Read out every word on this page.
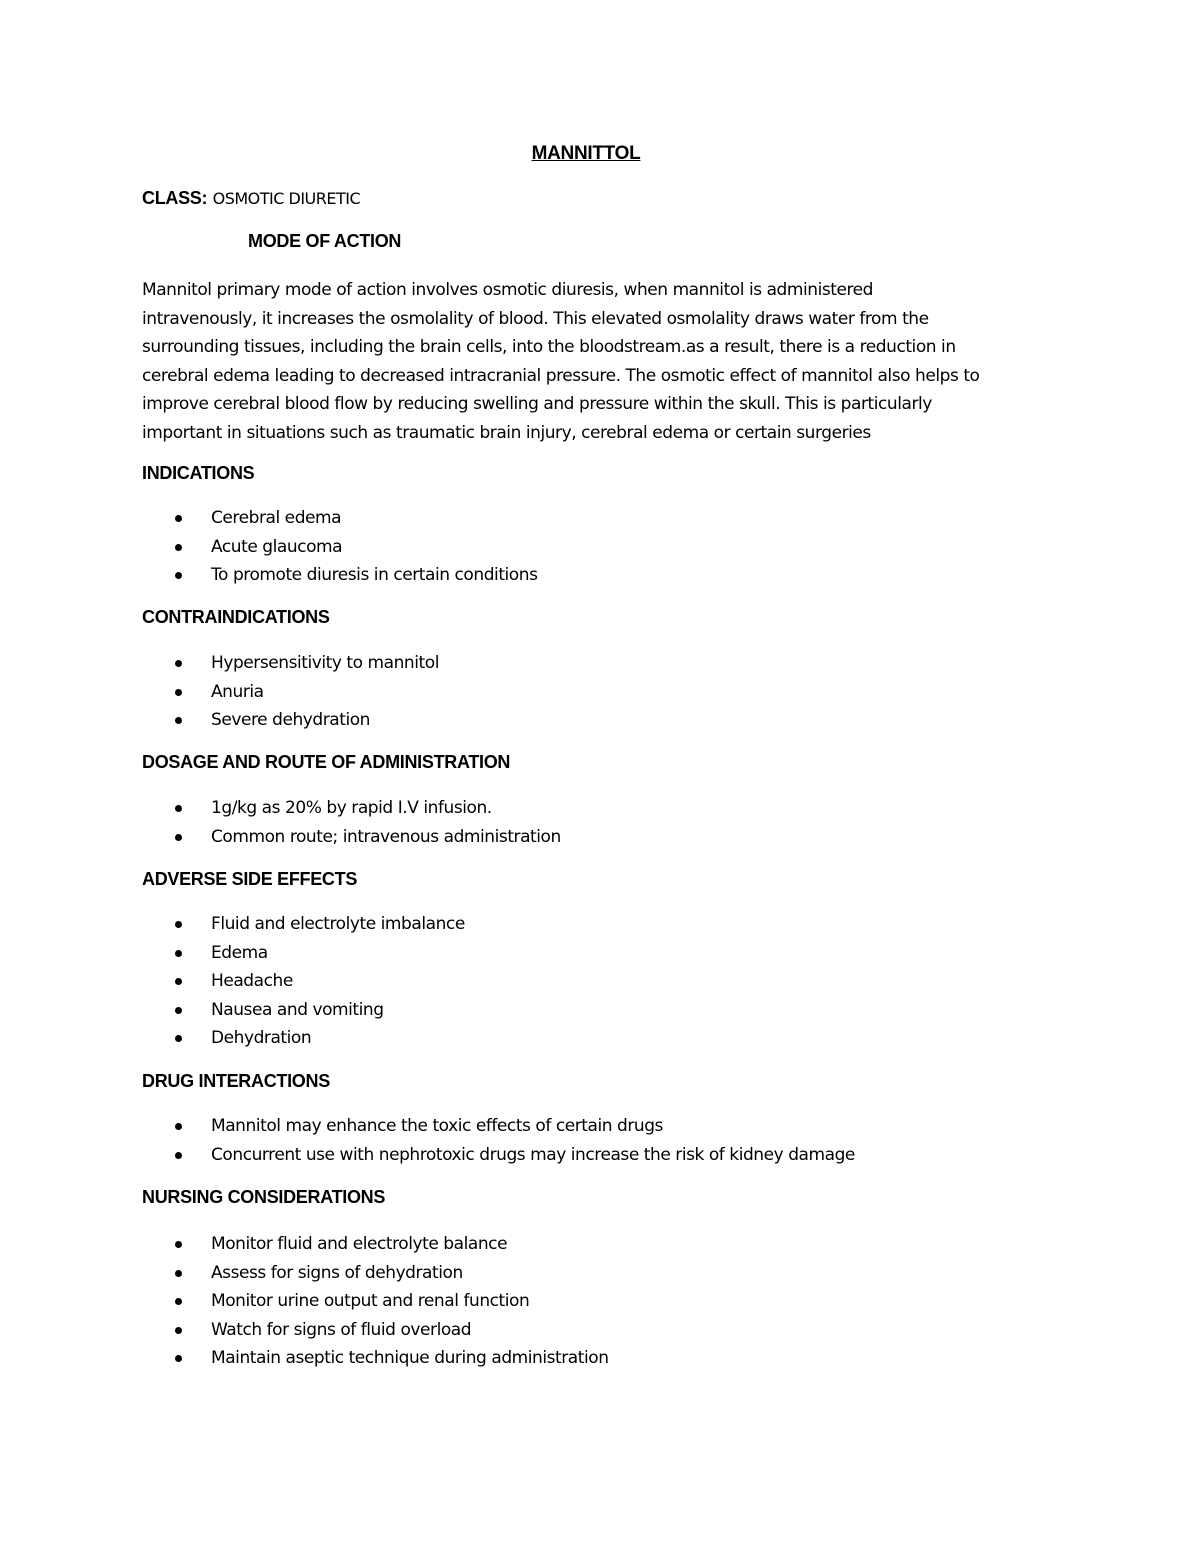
MANNITTOL
CLASS: OSMOTIC DIURETIC
MODE OF ACTION
Mannitol primary mode of action involves osmotic diuresis, when mannitol is administered
intravenously, it increases the osmolality of blood. This elevated osmolality draws water from the
surrounding tissues, including the brain cells, into the bloodstream.as a result, there is a reduction in
cerebral edema leading to decreased intracranial pressure. The osmotic effect of mannitol also helps to
improve cerebral blood flow by reducing swelling and pressure within the skull. This is particularly
important in situations such as traumatic brain injury, cerebral edema or certain surgeries
INDICATIONS
Cerebral edema
Acute glaucoma
To promote diuresis in certain conditions
CONTRAINDICATIONS
Hypersensitivity to mannitol
Anuria
Severe dehydration
DOSAGE AND ROUTE OF ADMINISTRATION
1g/kg as 20% by rapid I.V infusion.
Common route; intravenous administration
ADVERSE SIDE EFFECTS
Fluid and electrolyte imbalance
Edema
Headache
Nausea and vomiting
Dehydration
DRUG INTERACTIONS
Mannitol may enhance the toxic effects of certain drugs
Concurrent use with nephrotoxic drugs may increase the risk of kidney damage
NURSING CONSIDERATIONS
Monitor fluid and electrolyte balance
Assess for signs of dehydration
Monitor urine output and renal function
Watch for signs of fluid overload
Maintain aseptic technique during administration
